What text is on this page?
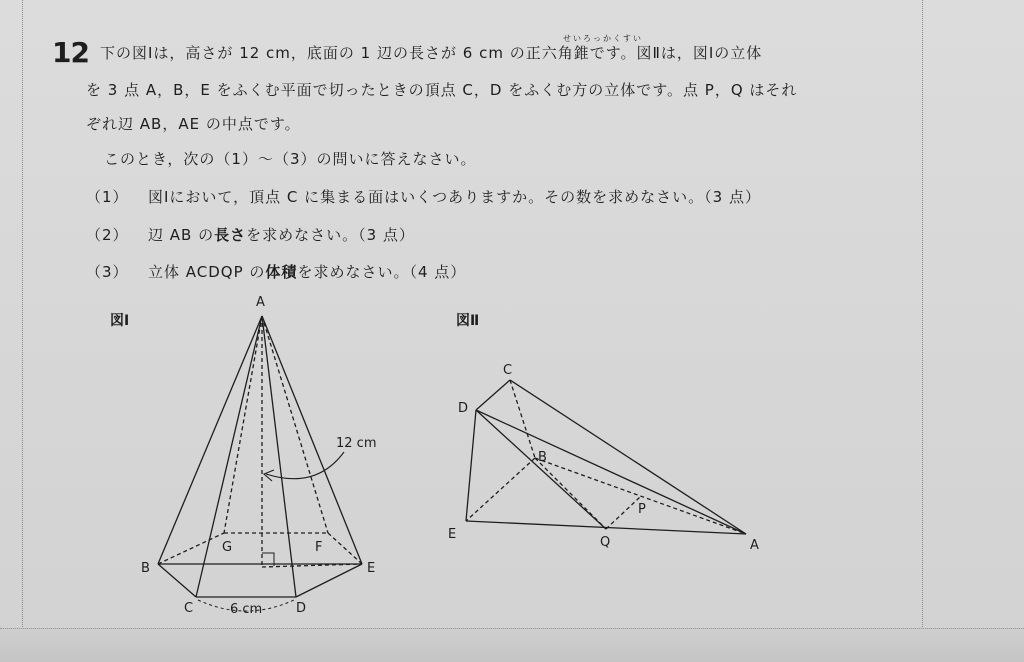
12	せいろっかくすい
下の図Ⅰは，高さが 12 cm，底面の 1 辺の長さが 6 cm の正六角錐です。図Ⅱは，図Ⅰの立体
を 3 点 A，B，E をふくむ平面で切ったときの頂点 C，D をふくむ方の立体です。点 P，Q はそれ
ぞれ辺 AB，AE の中点です。
このとき，次の（1）～（3）の問いに答えなさい。
（1） 図Ⅰにおいて，頂点 C に集まる面はいくつありますか。その数を求めなさい。（3 点）
（2） 辺 AB の長さを求めなさい。（3 点）
（3） 立体 ACDQP の体積を求めなさい。（4 点）
図Ⅰ	図Ⅱ
A
B
C	D
E
F
G
12 cm
6 cm
C
D
B
E
Q
P
A
